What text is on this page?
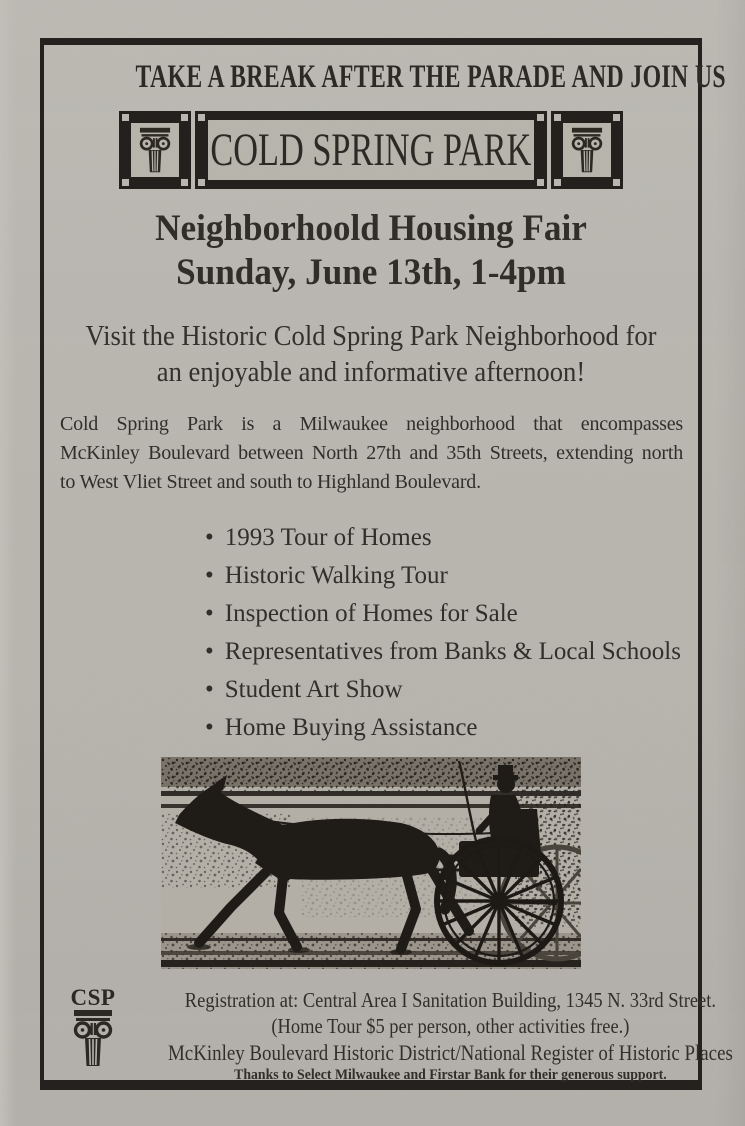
TAKE A BREAK AFTER THE PARADE AND JOIN US
COLD SPRING PARK
Neighborhoold Housing Fair
Sunday, June 13th, 1-4pm
Visit the Historic Cold Spring Park Neighborhood for
an enjoyable and informative afternoon!
Cold Spring Park is a Milwaukee neighborhood that encompasses
McKinley Boulevard between North 27th and 35th Streets, extending north
to West Vliet Street and south to Highland Boulevard.
• 1993 Tour of Homes
• Historic Walking Tour
• Inspection of Homes for Sale
• Representatives from Banks & Local Schools
• Student Art Show
• Home Buying Assistance
CSP	Registration at: Central Area I Sanitation Building, 1345 N. 33rd Street.
(Home Tour $5 per person, other activities free.)
McKinley Boulevard Historic District/National Register of Historic Places
Thanks to Select Milwaukee and Firstar Bank for their generous support.
